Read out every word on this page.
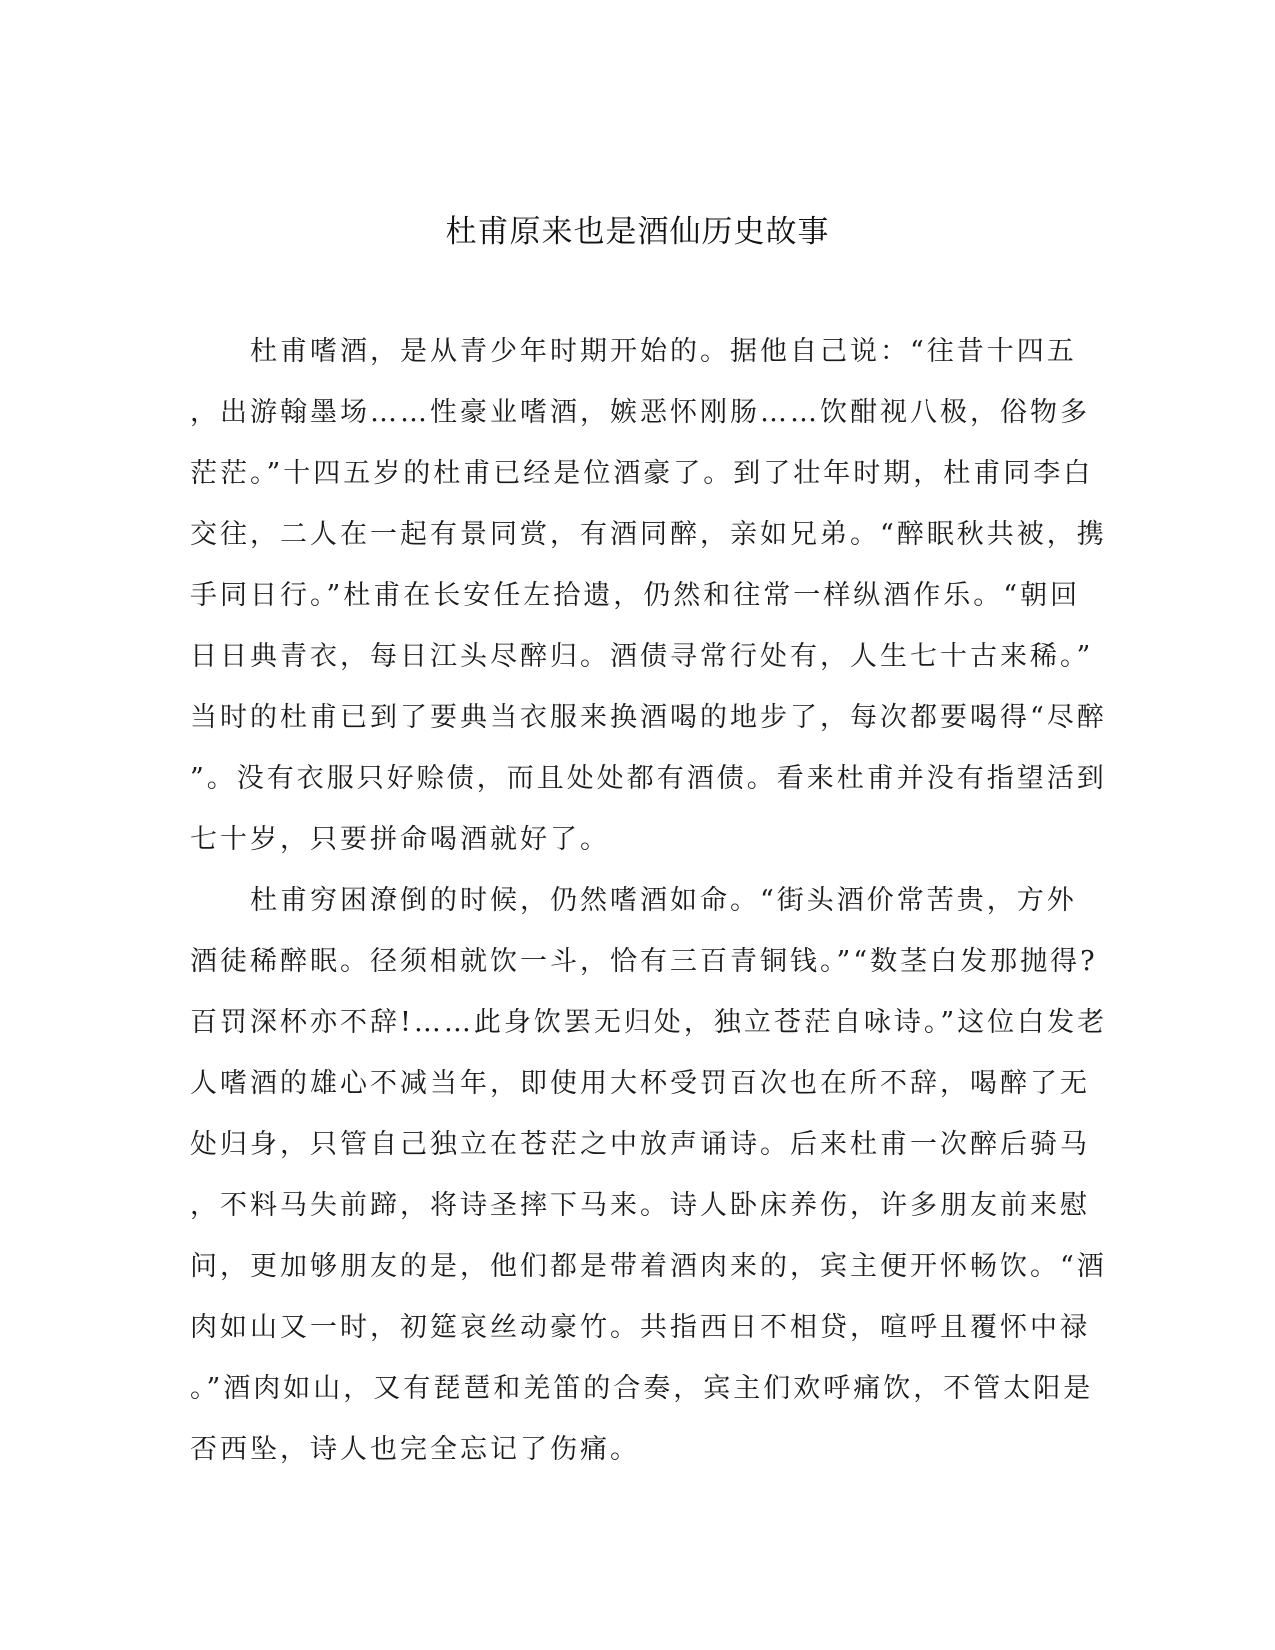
杜甫原来也是酒仙历史故事
　　杜甫嗜酒，是从青少年时期开始的。据他自己说：“往昔十四五
，出游翰墨场……性豪业嗜酒，嫉恶怀刚肠……饮酣视八极，俗物多
茫茫。”十四五岁的杜甫已经是位酒豪了。到了壮年时期，杜甫同李白
交往，二人在一起有景同赏，有酒同醉，亲如兄弟。“醉眠秋共被，携
手同日行。”杜甫在长安任左拾遗，仍然和往常一样纵酒作乐。“朝回
日日典青衣，每日江头尽醉归。酒债寻常行处有，人生七十古来稀。”
当时的杜甫已到了要典当衣服来换酒喝的地步了，每次都要喝得“尽醉
”。没有衣服只好赊债，而且处处都有酒债。看来杜甫并没有指望活到
七十岁，只要拼命喝酒就好了。
　　杜甫穷困潦倒的时候，仍然嗜酒如命。“街头酒价常苦贵，方外
酒徒稀醉眠。径须相就饮一斗，恰有三百青铜钱。”“数茎白发那抛得?
百罚深杯亦不辞!……此身饮罢无归处，独立苍茫自咏诗。”这位白发老
人嗜酒的雄心不减当年，即使用大杯受罚百次也在所不辞，喝醉了无
处归身，只管自己独立在苍茫之中放声诵诗。后来杜甫一次醉后骑马
，不料马失前蹄，将诗圣摔下马来。诗人卧床养伤，许多朋友前来慰
问，更加够朋友的是，他们都是带着酒肉来的，宾主便开怀畅饮。“酒
肉如山又一时，初筵哀丝动豪竹。共指西日不相贷，喧呼且覆怀中禄
。”酒肉如山，又有琵琶和羌笛的合奏，宾主们欢呼痛饮，不管太阳是
否西坠，诗人也完全忘记了伤痛。
